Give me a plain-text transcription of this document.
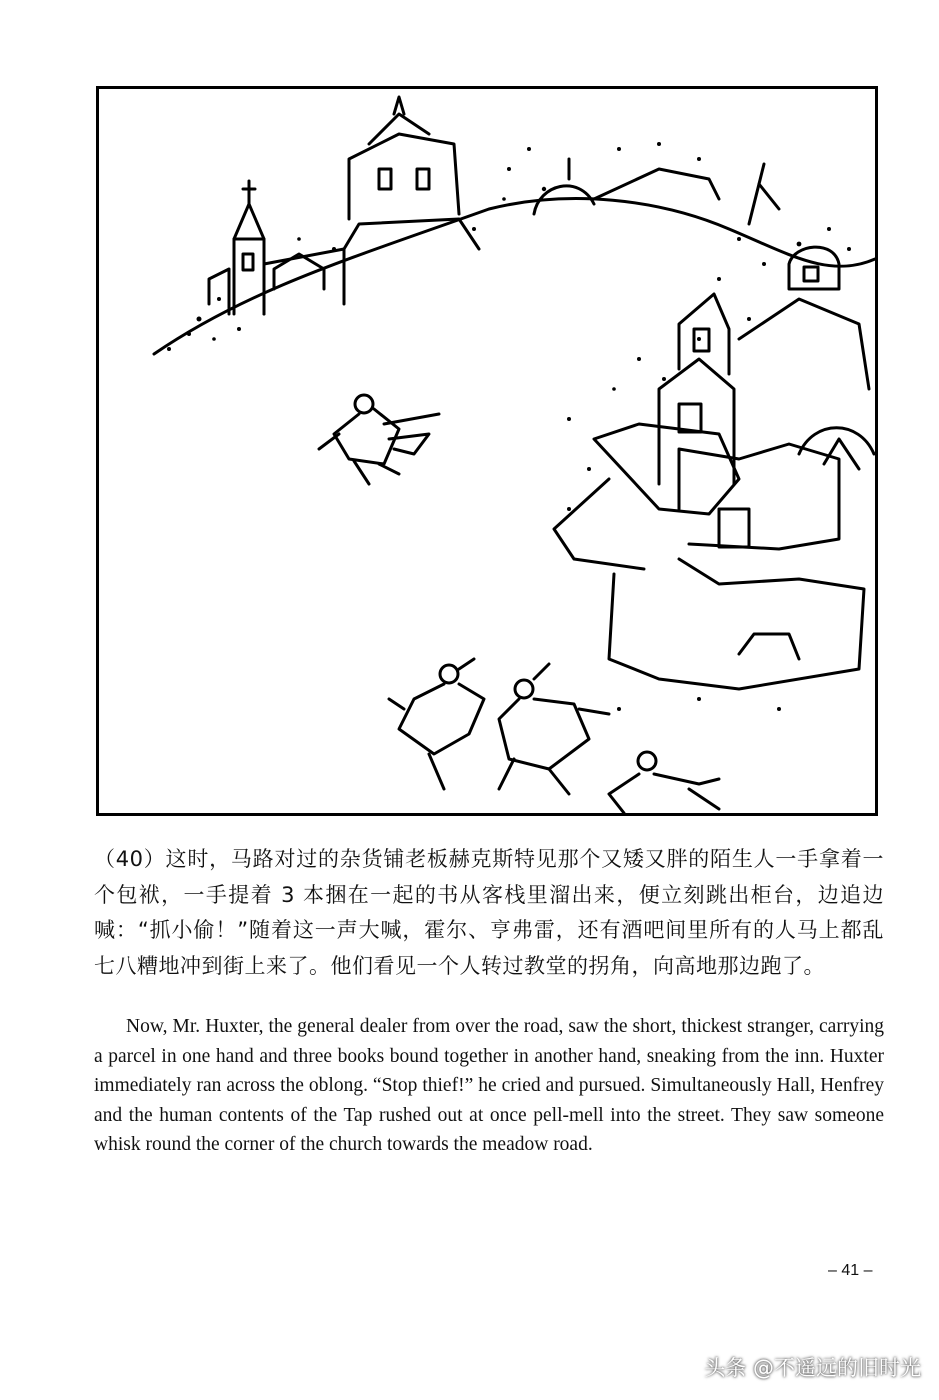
（40）这时，马路对过的杂货铺老板赫克斯特见那个又矮又胖的陌生人一手拿着一个包袱，一手提着 3 本捆在一起的书从客栈里溜出来，便立刻跳出柜台，边追边喊：“抓小偷！”随着这一声大喊，霍尔、亨弗雷，还有酒吧间里所有的人马上都乱七八糟地冲到街上来了。他们看见一个人转过教堂的拐角，向高地那边跑了。

Now, Mr. Huxter, the general dealer from over the road, saw the short, thickest stranger, carrying a parcel in one hand and three books bound together in another hand, sneaking from the inn. Huxter immediately ran across the oblong. “Stop thief!” he cried and pursued. Simultaneously Hall, Henfrey and the human contents of the Tap rushed out at once pell-mell into the street. They saw someone whisk round the corner of the church towards the meadow road.

– 41 –
头条 @不遥远的旧时光
